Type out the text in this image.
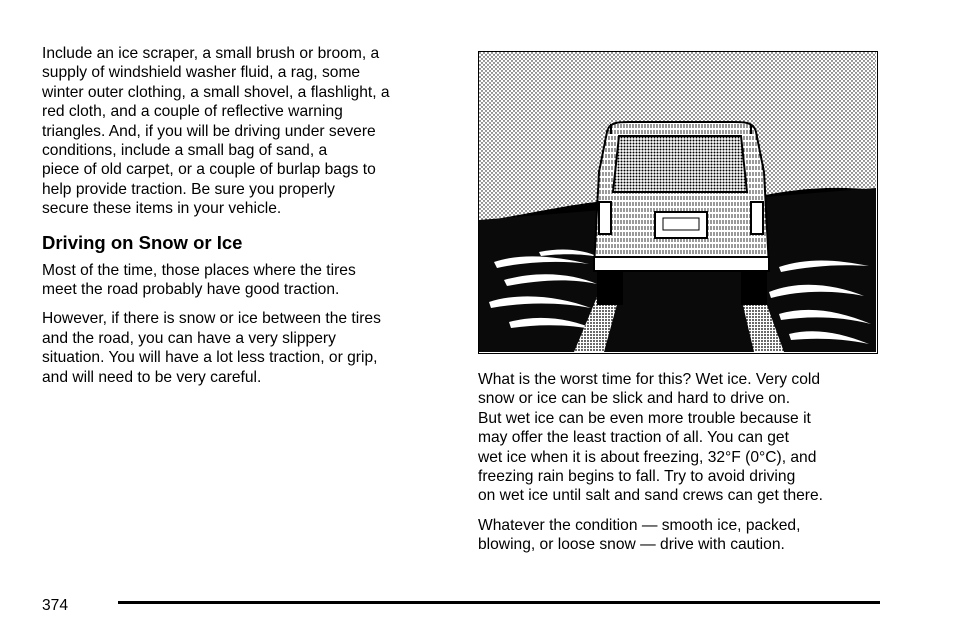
Include an ice scraper, a small brush or broom, a
supply of windshield washer fluid, a rag, some
winter outer clothing, a small shovel, a flashlight, a
red cloth, and a couple of reflective warning
triangles. And, if you will be driving under severe
conditions, include a small bag of sand, a
piece of old carpet, or a couple of burlap bags to
help provide traction. Be sure you properly
secure these items in your vehicle.

Driving on Snow or Ice

Most of the time, those places where the tires
meet the road probably have good traction.

However, if there is snow or ice between the tires
and the road, you can have a very slippery
situation. You will have a lot less traction, or grip,
and will need to be very careful.	What is the worst time for this? Wet ice. Very cold
snow or ice can be slick and hard to drive on.
But wet ice can be even more trouble because it
may offer the least traction of all. You can get
wet ice when it is about freezing, 32°F (0°C), and
freezing rain begins to fall. Try to avoid driving
on wet ice until salt and sand crews can get there.

Whatever the condition — smooth ice, packed,
blowing, or loose snow — drive with caution.

374
